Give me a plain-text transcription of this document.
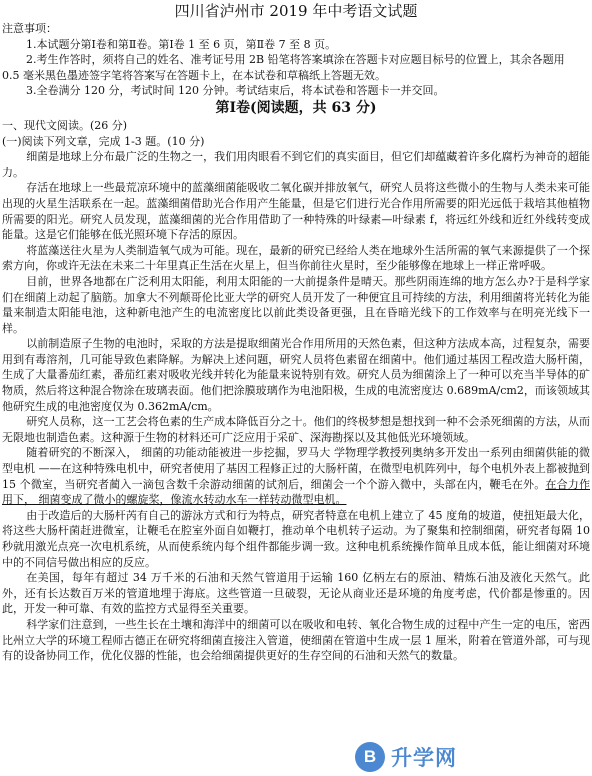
四川省泸州市 2019 年中考语文试题
注意事项：
1.本试题分第Ⅰ卷和第Ⅱ卷。第Ⅰ卷 1 至 6 页，第Ⅱ卷 7 至 8 页。
2.考生作答时，须将自己的姓名、准考证号用 2B 铅笔将答案填涂在答题卡对应题目标号的位置上，其余各题用
0.5 毫米黑色墨迹签字笔将答案写在答题卡上，在本试卷和草稿纸上答题无效。
3.全卷满分 120 分，考试时间 120 分钟。考试结束后，将本试卷和答题卡一并交回。
第Ⅰ卷(阅读题，共 63 分)
一、现代文阅读。(26 分)
(一)阅读下列文章，完成 1-3 题。(10 分)

细菌是地球上分布最广泛的生物之一，我们用肉眼看不到它们的真实面目，但它们却蕴藏着许多化腐朽为神奇的超能力。

存活在地球上一些最荒凉环境中的蓝藻细菌能吸收二氧化碳并排放氧气，研究人员将这些微小的生物与人类未来可能出现的火星生活联系在一起。蓝藻细菌借助光合作用产生能量，但是它们进行光合作用所需要的阳光远低于栽培其他植物所需要的阳光。研究人员发现，蓝藻细菌的光合作用借助了一种特殊的叶绿素—叶绿素 f，将远红外线和近红外线转变成能量。这是它们能够在低光照环境下存活的原因。

将蓝藻送往火星为人类制造氧气成为可能。现在，最新的研究已经给人类在地球外生活所需的氧气来源提供了一个探索方向，你或许无法在未来二十年里真正生活在火星上，但当你前往火星时，至少能够像在地球上一样正常呼吸。

目前，世界各地都在广泛利用太阳能，利用太阳能的一大前提条件是晴天。那些阴雨连绵的地方怎么办?于是科学家们在细菌上动起了脑筋。加拿大不列颠哥伦比亚大学的研究人员开发了一种便宜且可持续的方法，利用细菌将光转化为能量来制造太阳能电池，这种新电池产生的电流密度比以前此类设备更强，且在昏暗光线下的工作效率与在明亮光线下一样。

以前制造原子生物的电池时，采取的方法是提取细菌光合作用所用的天然色素，但这种方法成本高，过程复杂，需要用到有毒溶剂，几可能导致色素降解。为解决上述问题，研究人员将色素留在细菌中。他们通过基因工程改造大肠杆菌，生成了大量番茄红素，番茄红素对吸收光线并转化为能量来说特别有效。研究人员为细菌涂上了一种可以充当半导体的矿物质，然后将这种混合物涂在玻璃表面。他们把涂膜玻璃作为电池阳极，生成的电流密度达 0.689mA/cm2，而该领域其他研究生成的电池密度仅为 0.362mA/cm。

研究人员称，这一工艺会将色素的生产成本降低百分之十。他们的终极梦想是想找到一种不会杀死细菌的方法，从而无限地也制造色素。这种源于生物的材料还可广泛应用于采矿、深海勘探以及其他低光环境领域。

随着研究的不断深入， 细菌的功能动能被进一步挖掘，罗马大 学物理学教授列奥纳多开发出一系列由细菌供能的微型电机 ——在这种特殊电机中，研究者使用了基因工程修正过的大肠杆菌，在微型电机阵列中，每个电机外表上都被抛到 15 个微室，当研究者蔺入一滴包含数千余游动细菌的试剂后，细菌会一个个游入微中，头部在内，鞭毛在外。在合力作用下， 细菌变成了微小的螺旋桨，像流水转动水车一样转动微型电机。

由于改造后的大肠杆芮有自己的游泳方式和行为特点，研究者特意在电机上建立了 45 度角的坡道，使扭矩最大化，将这些大肠杆菌赶进微室，让鞭毛在腔室外面自如鞭打，推动单个电机转子运动。为了聚集和控制细菌，研究者每隔 10 秒就用激光点亮一次电机系统，从而使系统内每个组件都能步调一致。这种电机系统操作简单且成本低，能让细菌对环境中的不同信号做出相应的反应。

在美国，每年有超过 34 万千米的石油和天然气管道用于运输 160 亿柄左右的原油、精炼石油及液化天然气。此外，还有长达数百万米的管道地埋于海底。这些管道一旦破裂，无论从商业还是环境的角度考虑，代价都是惨重的。因此，开发一种可靠、有效的监控方式显得至关重要。

科学家们注意到，一些生长在土壤和海洋中的细菌可以在吸收和电转、氧化合物生成的过程中产生一定的电压，密西比州立大学的环境工程师古德正在研究将细菌直接注入管道，使细菌在管道中生成一层 1 厘米，附着在管道外部，可与现有的设备协同工作，优化仪器的性能，也会给细菌提供更好的生存空间的石油和天然气的数量。

B 升学网
